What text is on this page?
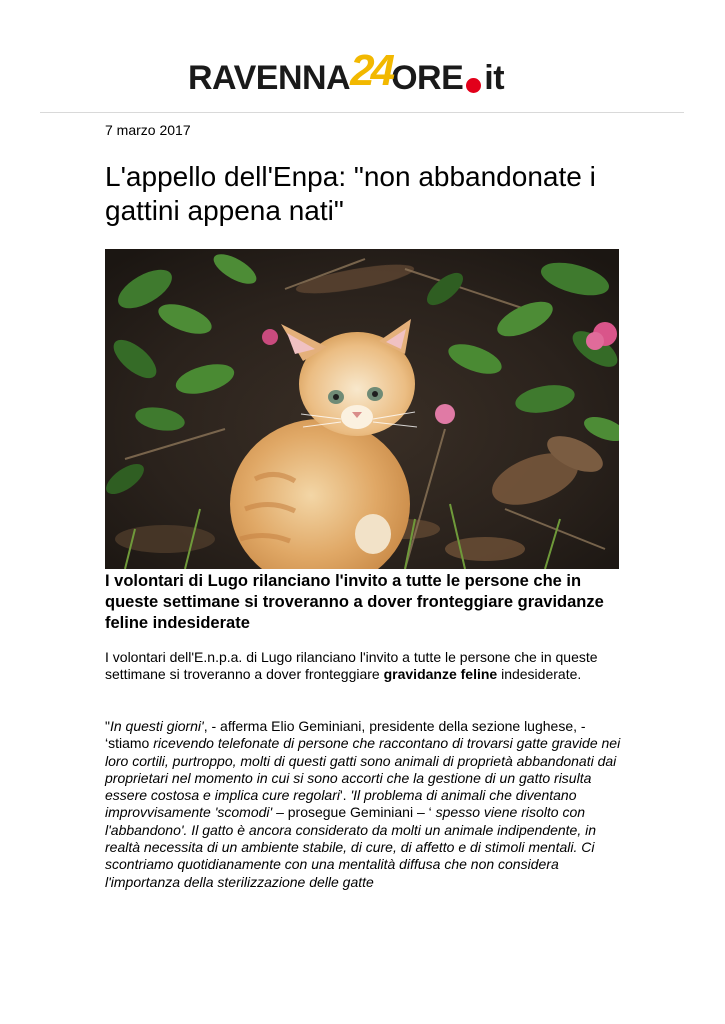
RAVENNA24ORE it
7 marzo 2017
L'appello dell'Enpa: "non abbandonate i gattini appena nati"
I volontari di Lugo rilanciano l'invito a tutte le persone che in queste settimane si troveranno a dover fronteggiare gravidanze feline indesiderate

I volontari dell'E.n.p.a. di Lugo rilanciano l'invito a tutte le persone che in queste settimane si troveranno a dover fronteggiare gravidanze feline indesiderate.

"In questi giorni', - afferma Elio Geminiani, presidente della sezione lughese, - ‘stiamo ricevendo telefonate di persone che raccontano di trovarsi gatte gravide nei loro cortili, purtroppo, molti di questi gatti sono animali di proprietà abbandonati dai proprietari nel momento in cui si sono accorti che la gestione di un gatto risulta essere costosa e implica cure regolari'. 'Il problema di animali che diventano improvvisamente 'scomodi' – prosegue Geminiani – ‘ spesso viene risolto con l'abbandono'. Il gatto è ancora considerato da molti un animale indipendente, in realtà necessita di un ambiente stabile, di cure, di affetto e di stimoli mentali. Ci scontriamo quotidianamente con una mentalità diffusa che non considera l'importanza della sterilizzazione delle gatte
